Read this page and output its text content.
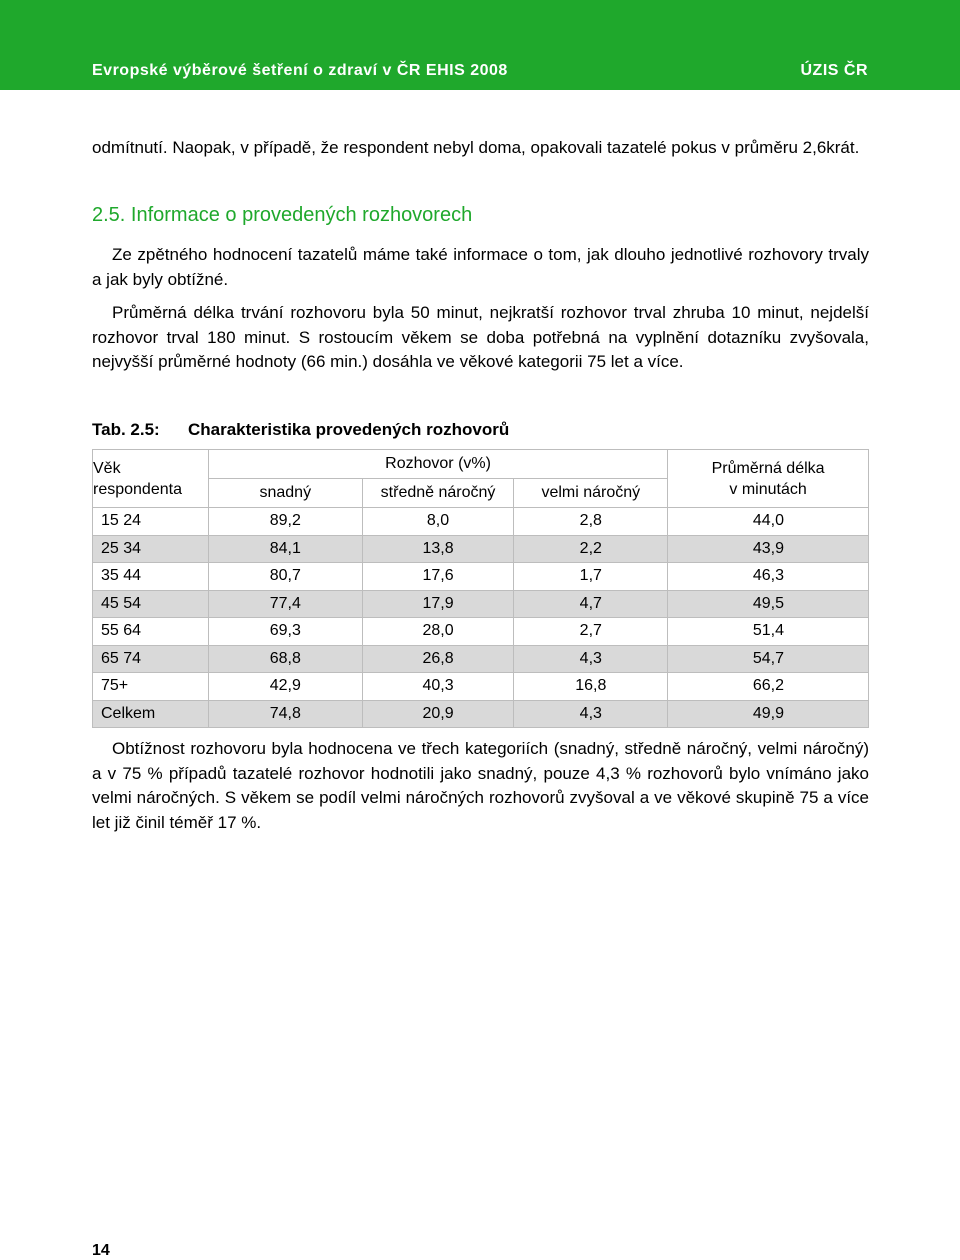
Evropské výběrové šetření o zdraví v ČR EHIS 2008	ÚZIS ČR

odmítnutí. Naopak, v případě, že respondent nebyl doma, opakovali tazatelé pokus v průměru 2,6krát.

2.5. Informace o provedených rozhovorech

Ze zpětného hodnocení tazatelů máme také informace o tom, jak dlouho jednotlivé rozhovory trvaly a jak byly obtížné.

Průměrná délka trvání rozhovoru byla 50 minut, nejkratší rozhovor trval zhruba 10 minut, nejdelší rozhovor trval 180 minut. S rostoucím věkem se doba potřebná na vyplnění dotazníku zvyšovala, nejvyšší průměrné hodnoty (66 min.) dosáhla ve věkové kategorii 75 let a více.

Tab. 2.5: Charakteristika provedených rozhovorů
Věk
respondenta	Rozhovor (v%)			Průměrná délka
v minutách
	snadný	středně náročný	velmi náročný	
15 24	89,2	8,0	2,8	44,0
25 34	84,1	13,8	2,2	43,9
35 44	80,7	17,6	1,7	46,3
45 54	77,4	17,9	4,7	49,5
55 64	69,3	28,0	2,7	51,4
65 74	68,8	26,8	4,3	54,7
75+	42,9	40,3	16,8	66,2
Celkem	74,8	20,9	4,3	49,9

Obtížnost rozhovoru byla hodnocena ve třech kategoriích (snadný, středně náročný, velmi náročný) a v 75 % případů tazatelé rozhovor hodnotili jako snadný, pouze 4,3 % rozhovorů bylo vnímáno jako velmi náročných. S věkem se podíl velmi náročných rozhovorů zvyšoval a ve věkové skupině 75 a více let již činil téměř 17 %.

14
